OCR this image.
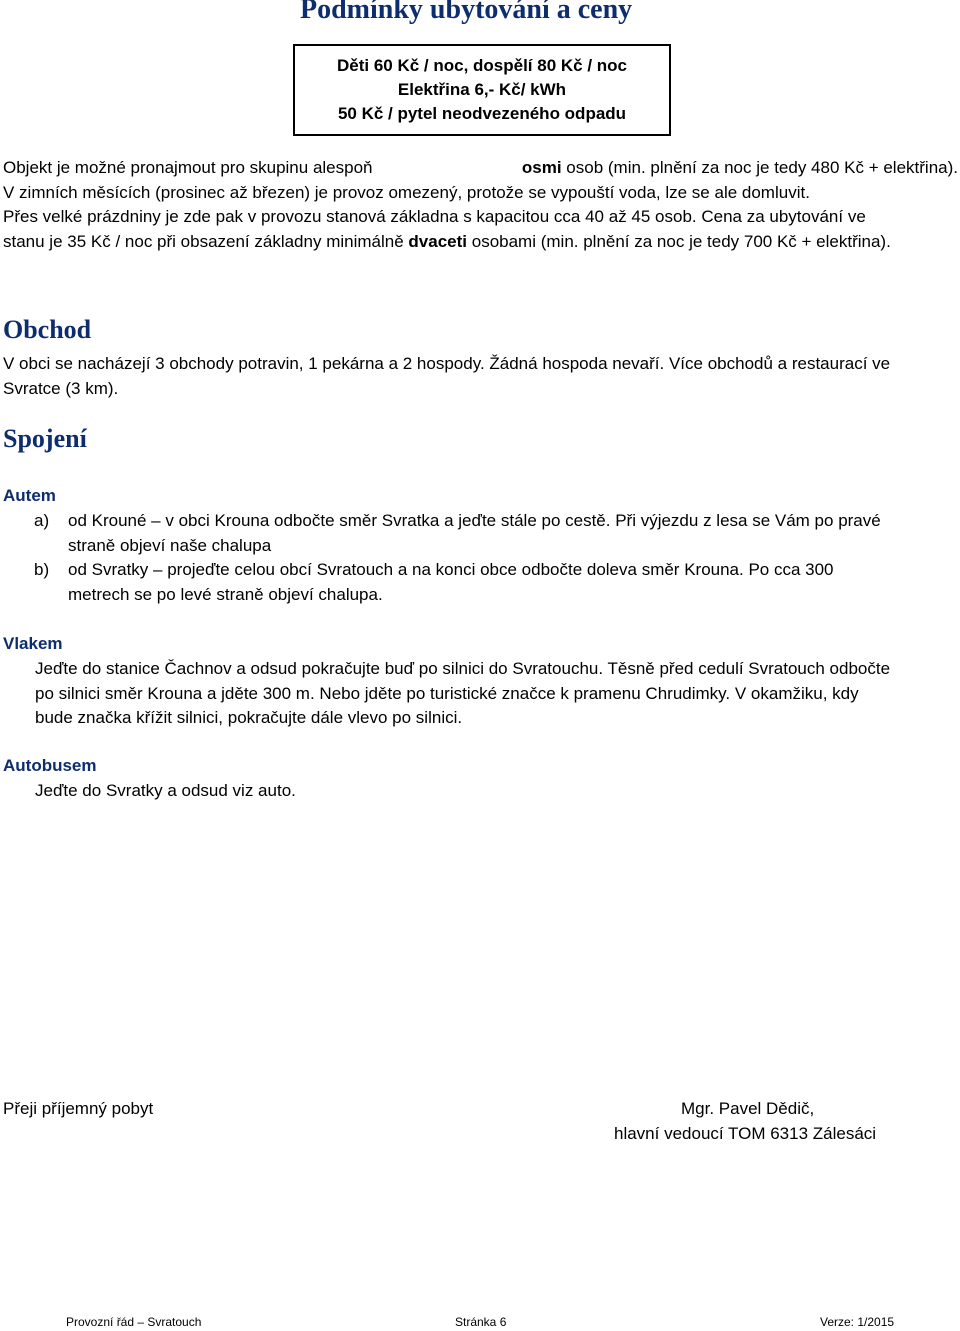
Podmínky ubytování a ceny
Děti 60 Kč / noc, dospělí 80 Kč / noc
Elektřina 6,- Kč/ kWh
50 Kč / pytel neodvezeného odpadu
Objekt je možné pronajmout pro skupinu alespoň	osmi osob (min. plnění za noc je tedy 480 Kč + elektřina).
V zimních měsících (prosinec až březen) je provoz omezený, protože se vypouští voda, lze se ale domluvit.
Přes velké prázdniny je zde pak v provozu stanová základna s kapacitou cca 40 až 45 osob. Cena za ubytování ve
stanu je 35 Kč / noc při obsazení základny minimálně dvaceti osobami (min. plnění za noc je tedy 700 Kč + elektřina).
Obchod
V obci se nacházejí 3 obchody potravin, 1 pekárna a 2 hospody. Žádná hospoda nevaří. Více obchodů a restaurací ve
Svratce (3 km).
Spojení
Autem
a) od Krouné – v obci Krouna odbočte směr Svratka a jeďte stále po cestě. Při výjezdu z lesa se Vám po pravé
straně objeví naše chalupa
b) od Svratky – projeďte celou obcí Svratouch a na konci obce odbočte doleva směr Krouna. Po cca 300
metrech se po levé straně objeví chalupa.
Vlakem
Jeďte do stanice Čachnov a odsud pokračujte buď po silnici do Svratouchu. Těsně před cedulí Svratouch odbočte
po silnici směr Krouna a jděte 300 m. Nebo jděte po turistické značce k pramenu Chrudimky. V okamžiku, kdy
bude značka křížit silnici, pokračujte dále vlevo po silnici.
Autobusem
Jeďte do Svratky a odsud viz auto.
Přeji příjemný pobyt	Mgr. Pavel Dědič,
hlavní vedoucí TOM 6313 Zálesáci
Provozní řád – Svratouch	Stránka 6	Verze: 1/2015
